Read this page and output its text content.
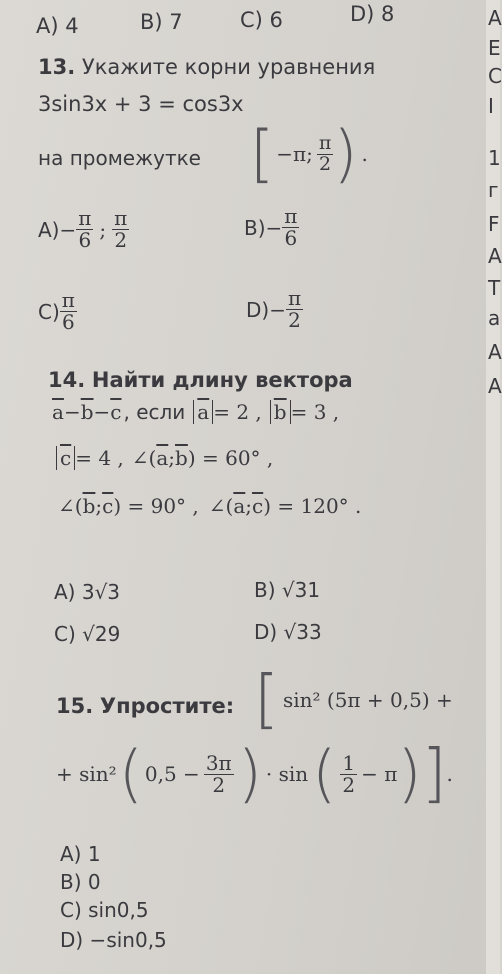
A) 4	B) 7	C) 6	D) 8
13. Укажите корни уравнения
3sin3x + 3 = cos3x
на промежутке [ −π; $\frac{\pi}{2}$ ) .
$A) - \frac{\pi}{6}$ ; $\frac{\pi}{2}$	$B) - \frac{\pi}{6}$
$C) \frac{\pi}{6}$	$D) - \frac{\pi}{2}$
14. Найти длину вектора
$\overline{a} - \overline{b} - \overline{c}$ , если $\overline{a} = 2$ , $\overline{b} = 3$ ,
$\overline{c} = 4$ , ∠( $\overline{a}$ ; $\overline{b}$ ) = 60° ,
∠( $\overline{b}$ ; $\overline{c}$ ) = 90° , ∠( $\overline{a}$ ; $\overline{c}$ ) = 120° .
A) 3√3	B) √31
C) √29	D) √33
15. Упростите: [ sin² (5π + 0,5) +
+ sin² ( $0,5 - \frac{3\pi}{2}$ ) · sin ( $\frac{1}{2} - \pi$ ) ] .
A) 1
B) 0
C) sin0,5
D) −sin0,5
A
E
C
I
1
г
F
A
T
a
A
A
